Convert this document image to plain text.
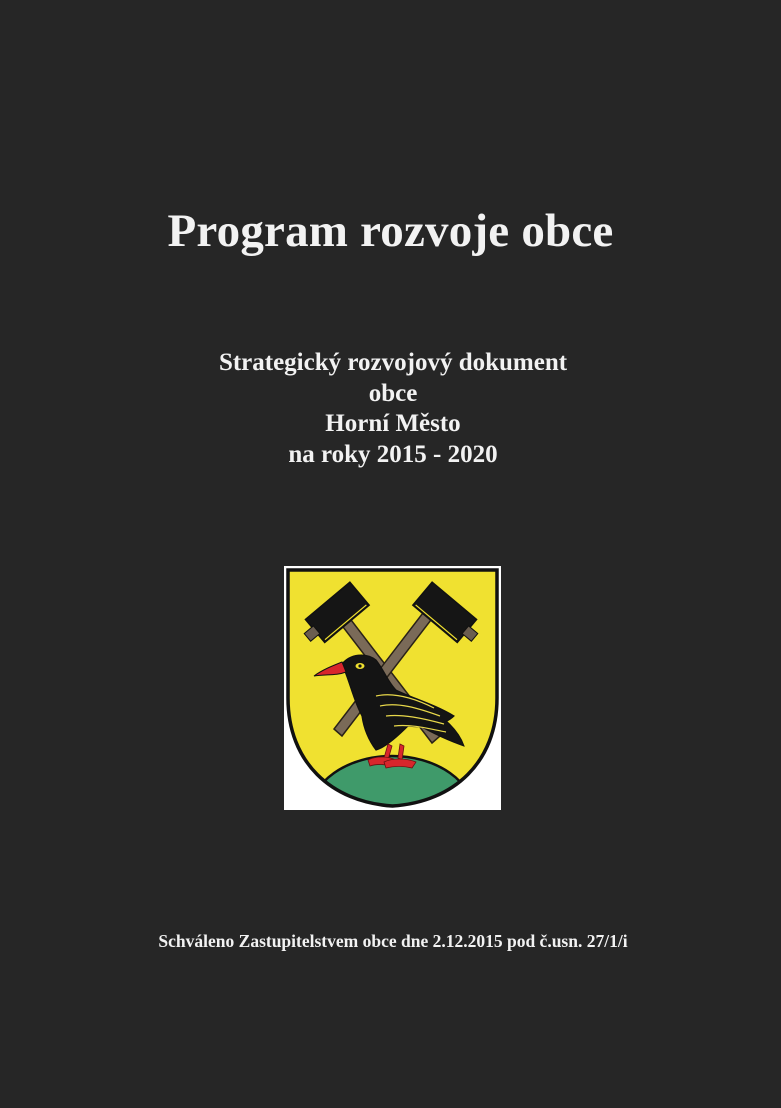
Program rozvoje obce
Strategický rozvojový dokument
obce
Horní Město
na roky 2015 - 2020
Schváleno Zastupitelstvem obce dne 2.12.2015 pod č.usn. 27/1/i
